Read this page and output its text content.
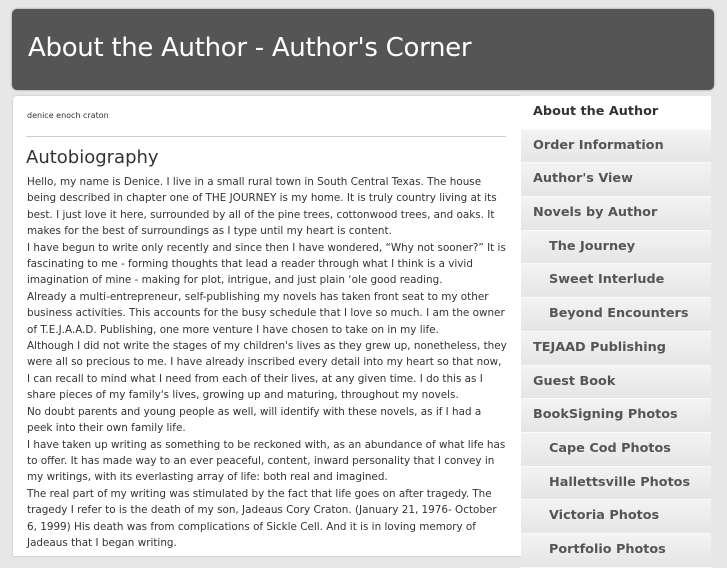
About the Author - Author's Corner
denice enoch craton
Autobiography

Hello, my name is Denice. I live in a small rural town in South Central Texas. The house being described in chapter one of THE JOURNEY is my home. It is truly country living at its best. I just love it here, surrounded by all of the pine trees, cottonwood trees, and oaks. It makes for the best of surroundings as I type until my heart is content.

I have begun to write only recently and since then I have wondered, “Why not sooner?” It is fascinating to me - forming thoughts that lead a reader through what I think is a vivid imagination of mine - making for plot, intrigue, and just plain ‘ole good reading.

Already a multi-entrepreneur, self-publishing my novels has taken front seat to my other business activities. This accounts for the busy schedule that I love so much. I am the owner of T.E.J.A.A.D. Publishing, one more venture I have chosen to take on in my life.

Although I did not write the stages of my children's lives as they grew up, nonetheless, they were all so precious to me. I have already inscribed every detail into my heart so that now, I can recall to mind what I need from each of their lives, at any given time. I do this as I share pieces of my family's lives, growing up and maturing, throughout my novels.

No doubt parents and young people as well, will identify with these novels, as if I had a peek into their own family life.

I have taken up writing as something to be reckoned with, as an abundance of what life has to offer. It has made way to an ever peaceful, content, inward personality that I convey in my writings, with its everlasting array of life: both real and imagined.

The real part of my writing was stimulated by the fact that life goes on after tragedy. The tragedy I refer to is the death of my son, Jadeaus Cory Craton. (January 21, 1976- October 6, 1999) His death was from complications of Sickle Cell. And it is in loving memory of Jadeaus that I began writing.

About the Author
Order Information
Author's View
Novels by Author
The Journey
Sweet Interlude
Beyond Encounters
TEJAAD Publishing
Guest Book
BookSigning Photos
Cape Cod Photos
Hallettsville Photos
Victoria Photos
Portfolio Photos
